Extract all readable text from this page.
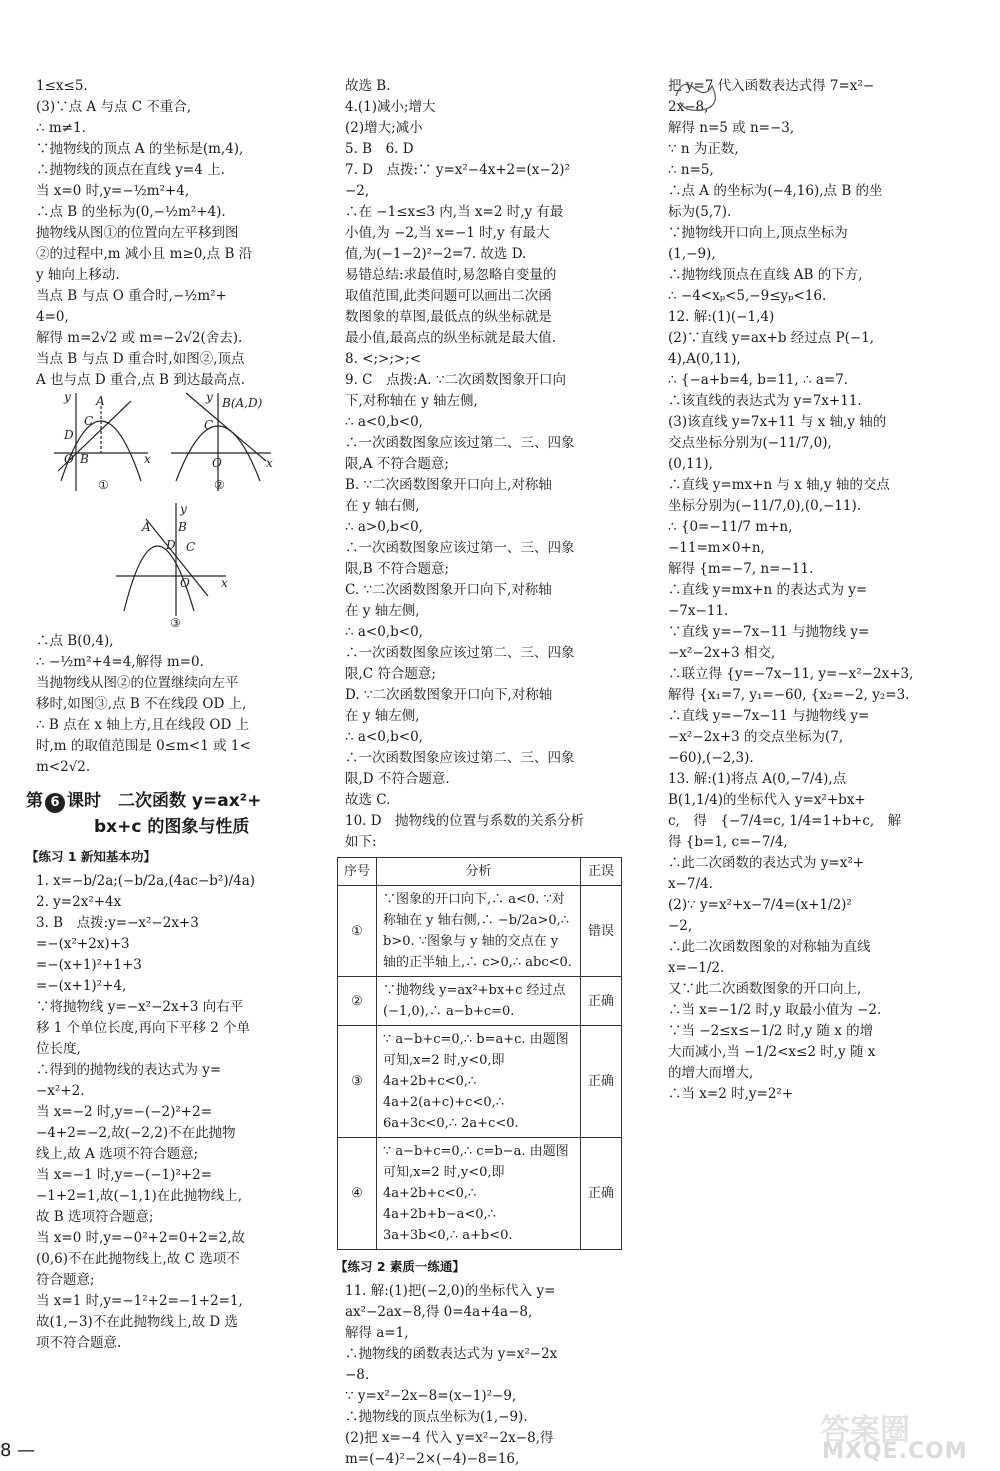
1≤x≤5.
(3)∵点 A 与点 C 不重合,
∴ m≠1.
∵抛物线的顶点 A 的坐标是(m,4),
∴抛物线的顶点在直线 y=4 上.
当 x=0 时,y=−½m²+4,
∴点 B 的坐标为(0,−½m²+4).
抛物线从图①的位置向左平移到图
②的过程中,m 减小且 m≥0,点 B 沿
y 轴向上移动.
当点 B 与点 O 重合时,−½m²+
4=0,
解得 m=2√2 或 m=−2√2(舍去).
当点 B 与点 D 重合时,如图②,顶点
A 也与点 D 重合,点 B 到达最高点.
y
x
A
C
D
O B
①
y
x
B(A,D)
C
O
②
y
x
A B
D C
O
③
∴点 B(0,4),
∴ −½m²+4=4,解得 m=0.
当抛物线从图②的位置继续向左平
移时,如图③,点 B 不在线段 OD 上,
∴ B 点在 x 轴上方,且在线段 OD 上
时,m 的取值范围是 0≤m<1 或 1<
m<2√2.
第 6 课时　二次函数 y=ax²+
bx+c 的图象与性质
【练习 1 新知基本功】
1. x=−b/2a;(−b/2a,(4ac−b²)/4a)
2. y=2x²+4x
3. B　点拨:y=−x²−2x+3
=−(x²+2x)+3
=−(x+1)²+1+3
=−(x+1)²+4,
∵将抛物线 y=−x²−2x+3 向右平
移 1 个单位长度,再向下平移 2 个单
位长度,
∴得到的抛物线的表达式为 y=
−x²+2.
当 x=−2 时,y=−(−2)²+2=
−4+2=−2,故(−2,2)不在此抛物
线上,故 A 选项不符合题意;
当 x=−1 时,y=−(−1)²+2=
−1+2=1,故(−1,1)在此抛物线上,
故 B 选项符合题意;
当 x=0 时,y=−0²+2=0+2=2,故
(0,6)不在此抛物线上,故 C 选项不
符合题意;
当 x=1 时,y=−1²+2=−1+2=1,
故(1,−3)不在此抛物线上,故 D 选
项不符合题意.
故选 B.
4.(1)减小;增大
(2)增大;减小
5. B　6. D
7. D　点拨:∵ y=x²−4x+2=(x−2)²
−2,
∴在 −1≤x≤3 内,当 x=2 时,y 有最
小值,为 −2,当 x=−1 时,y 有最大
值,为(−1−2)²−2=7. 故选 D.
易错总结:求最值时,易忽略自变量的
取值范围,此类问题可以画出二次函
数图象的草图,最低点的纵坐标就是
最小值,最高点的纵坐标就是最大值.
8. <;>;>;<
9. C　点拨:A. ∵二次函数图象开口向
下,对称轴在 y 轴左侧,
∴ a<0,b<0,
∴一次函数图象应该过第二、三、四象
限,A 不符合题意;
B. ∵二次函数图象开口向上,对称轴
在 y 轴右侧,
∴ a>0,b<0,
∴一次函数图象应该过第一、三、四象
限,B 不符合题意;
C. ∵二次函数图象开口向下,对称轴
在 y 轴左侧,
∴ a<0,b<0,
∴一次函数图象应该过第二、三、四象
限,C 符合题意;
D. ∵二次函数图象开口向下,对称轴
在 y 轴左侧,
∴ a<0,b<0,
∴一次函数图象应该过第二、三、四象
限,D 不符合题意.
故选 C.
10. D　抛物线的位置与系数的关系分析
如下:
序号	分析	正误
①	∵图象的开口向下,∴ a<0. ∵对称轴在 y 轴右侧,∴ −b/2a>0,∴ b>0. ∵图象与 y 轴的交点在 y 轴的正半轴上,∴ c>0,∴ abc<0.	错误
②	∵抛物线 y=ax²+bx+c 经过点(−1,0),∴ a−b+c=0.	正确
③	∵ a−b+c=0,∴ b=a+c. 由题图可知,x=2 时,y<0,即 4a+2b+c<0,∴ 4a+2(a+c)+c<0,∴ 6a+3c<0,∴ 2a+c<0.	正确
④	∵ a−b+c=0,∴ c=b−a. 由题图可知,x=2 时,y<0,即 4a+2b+c<0,∴ 4a+2b+b−a<0,∴ 3a+3b<0,∴ a+b<0.	正确
【练习 2 素质一练通】
11. 解:(1)把(−2,0)的坐标代入 y=
ax²−2ax−8,得 0=4a+4a−8,
解得 a=1,
∴抛物线的函数表达式为 y=x²−2x
−8.
∵ y=x²−2x−8=(x−1)²−9,
∴抛物线的顶点坐标为(1,−9).
(2)把 x=−4 代入 y=x²−2x−8,得
m=(−4)²−2×(−4)−8=16,
把 y=7 代入函数表达式得 7=x²−
2x−8,
解得 n=5 或 n=−3,
∵ n 为正数,
∴ n=5,
∴点 A 的坐标为(−4,16),点 B 的坐
标为(5,7).
∵抛物线开口向上,顶点坐标为
(1,−9),
∴抛物线顶点在直线 AB 的下方,
∴ −4<xₚ<5,−9≤yₚ<16.
12. 解:(1)(−1,4)
(2)∵直线 y=ax+b 经过点 P(−1,
4),A(0,11),
∴ {−a+b=4, b=11, ∴ a=7.
∴该直线的表达式为 y=7x+11.
(3)该直线 y=7x+11 与 x 轴,y 轴的
交点坐标分别为(−11/7,0),
(0,11),
∴直线 y=mx+n 与 x 轴,y 轴的交点
坐标分别为(−11/7,0),(0,−11).
∴ {0=−11/7 m+n,
−11=m×0+n,
解得 {m=−7, n=−11.
∴直线 y=mx+n 的表达式为 y=
−7x−11.
∵直线 y=−7x−11 与抛物线 y=
−x²−2x+3 相交,
∴联立得 {y=−7x−11, y=−x²−2x+3,
解得 {x₁=7, y₁=−60, {x₂=−2, y₂=3.
∴直线 y=−7x−11 与抛物线 y=
−x²−2x+3 的交点坐标为(7,
−60),(−2,3).
13. 解:(1)将点 A(0,−7/4),点
B(1,1/4)的坐标代入 y=x²+bx+
c,　得　{−7/4=c, 1/4=1+b+c,　解
得 {b=1, c=−7/4,
∴此二次函数的表达式为 y=x²+
x−7/4.
(2)∵ y=x²+x−7/4=(x+1/2)²
−2,
∴此二次函数图象的对称轴为直线
x=−1/2.
又∵此二次函数图象的开口向上,
∴当 x=−1/2 时,y 取最小值为 −2.
∵当 −2≤x≤−1/2 时,y 随 x 的增
大而减小,当 −1/2<x≤2 时,y 随 x
的增大而增大,
∴当 x=2 时,y=2²+
8 —
答案圈
MXQE.COM
